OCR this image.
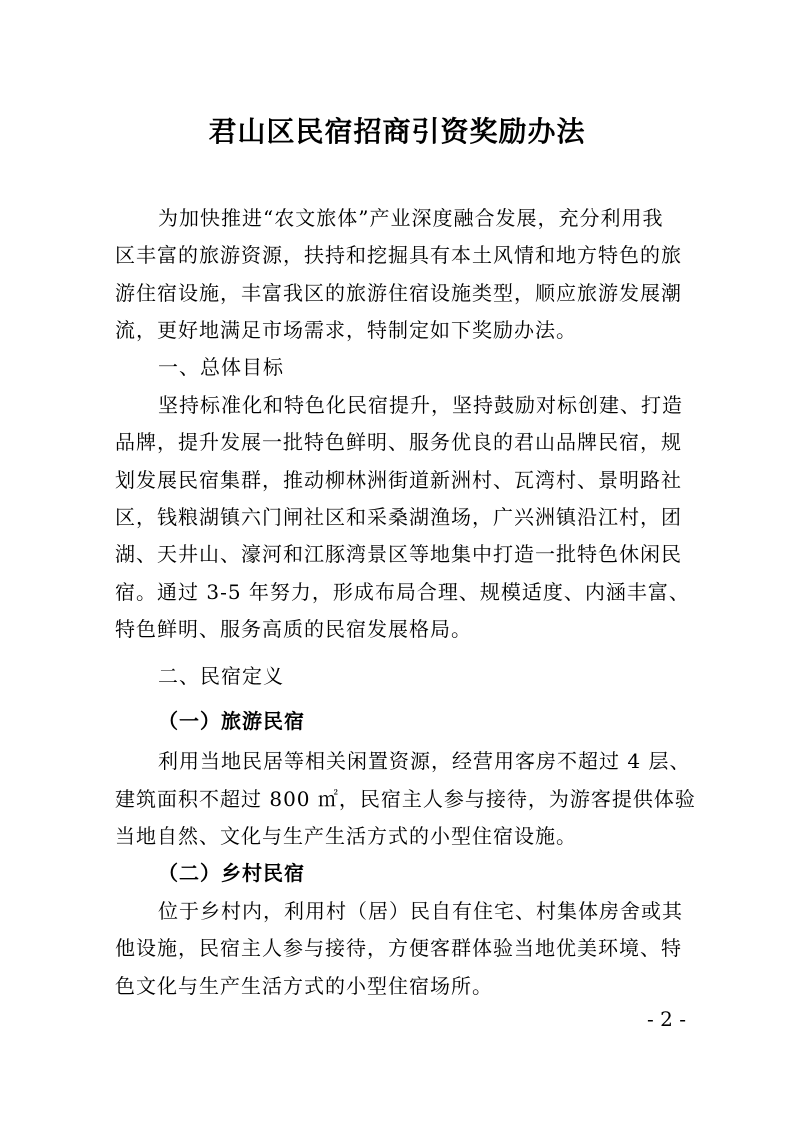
君山区民宿招商引资奖励办法
为加快推进“农文旅体”产业深度融合发展，充分利用我
区丰富的旅游资源，扶持和挖掘具有本土风情和地方特色的旅
游住宿设施，丰富我区的旅游住宿设施类型，顺应旅游发展潮
流，更好地满足市场需求，特制定如下奖励办法。
一、总体目标
坚持标准化和特色化民宿提升，坚持鼓励对标创建、打造
品牌，提升发展一批特色鲜明、服务优良的君山品牌民宿，规
划发展民宿集群，推动柳林洲街道新洲村、瓦湾村、景明路社
区，钱粮湖镇六门闸社区和采桑湖渔场，广兴洲镇沿江村，团
湖、天井山、濠河和江豚湾景区等地集中打造一批特色休闲民
宿。通过 3-5 年努力，形成布局合理、规模适度、内涵丰富、
特色鲜明、服务高质的民宿发展格局。
二、民宿定义
（一）旅游民宿
利用当地民居等相关闲置资源，经营用客房不超过 4 层、
建筑面积不超过 800 ㎡，民宿主人参与接待，为游客提供体验
当地自然、文化与生产生活方式的小型住宿设施。
（二）乡村民宿
位于乡村内，利用村（居）民自有住宅、村集体房舍或其
他设施，民宿主人参与接待，方便客群体验当地优美环境、特
色文化与生产生活方式的小型住宿场所。
- 2 -
